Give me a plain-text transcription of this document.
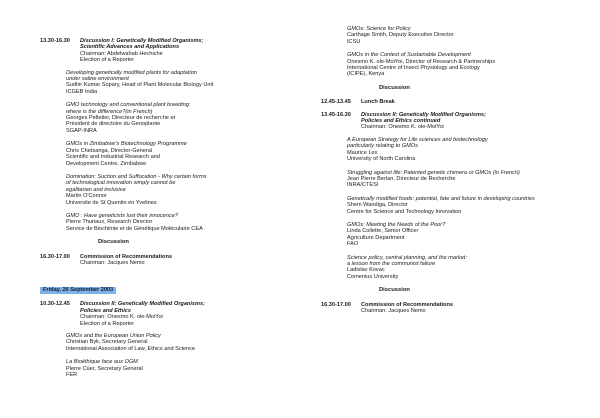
13.30-16.30 Discussion I: Genetically Modified Organisms;
Scientific Advances and Applications
Chairman: Abdelwahab Hechiche
Election of a Reporter
Developing genetically modified plants for adaptation
under saline environment
Sudhir Kumar Sopary, Head of Plant Molecular Biology Unit
ICGEB India
GMO technology and conventional plant breeding:
where is the difference?(in French)
Georges Pelletier, Directeur de recherche et
Président de directoire du Genoplante
SGAP-INRA
GMOs in Zimbabwe's Biotechnology Programme
Chris Chetsanga, Director-General
Scientific and Industrial Research and
Development Centre, Zimbabwe
Domination: Suction and Suffocation - Why certain forms
of technological innovation simply cannot be
egalitarian and inclusive
Martin O'Connor
Universite de St Quentin en Yvelines
GMO : Have geneticists lost their innocence?
Pierre Thuriaux, Research Director
Service de Biochimie et de Génétique Moléculaire CEA
Discussion
16.30-17.00 Commission of Recommendations
Chairman: Jacques Nemo
Friday, 26 September 2003
10.30-12.45 Discussion II: Genetically Modified Organisms;
Policies and Ethics
Chairman: Onesmo K. ole-MoiYoi
Election of a Reporter
GMOs and the European Union Policy
Christian Byk, Secretary General
International Association of Law, Ethics and Science
La Bioéthique face aux OGM
Pierre Cüer, Secretary General
FER
GMOs: Science for Policy
Carthage Smith, Deputy Executive Director
ICSU
GMOs in the Context of Sustainable Development
Onesmo K. ole-MoiYoi, Director of Research & Partnerships
International Centre of Insect Physiology and Ecology
(ICIPE), Kenya
Discussion
12.45-13.45 Lunch Break
13.45-16.30 Discussion II: Genetically Modified Organisms;
Policies and Ethics continued
Chairman: Onesmo K. ole-MoiYoi
A European Strategy for Life sciences and biotechnology
particularly relating to GMOs
Maurice Lex
University of North Carolina
Struggling against life: Patented genetic chimera or GMOs (in French)
Jean Pierre Berlan, Directeur de Recherche
INRA/CTESI
Genetically modified foods: potential, fate and future in developing countries
Shem Wandiga, Director
Centre for Science and Technology Innovation
GMOs: Meeting the Needs of the Poor?
Linda Collette, Senior Officer
Agriculture Department
FAO
Science policy, central planning, and the market:
a lesson from the communist failure
Ladislav Kovac
Comenius University
Discussion
16.30-17.00 Commission of Recommendations
Chairman: Jacques Nemo
